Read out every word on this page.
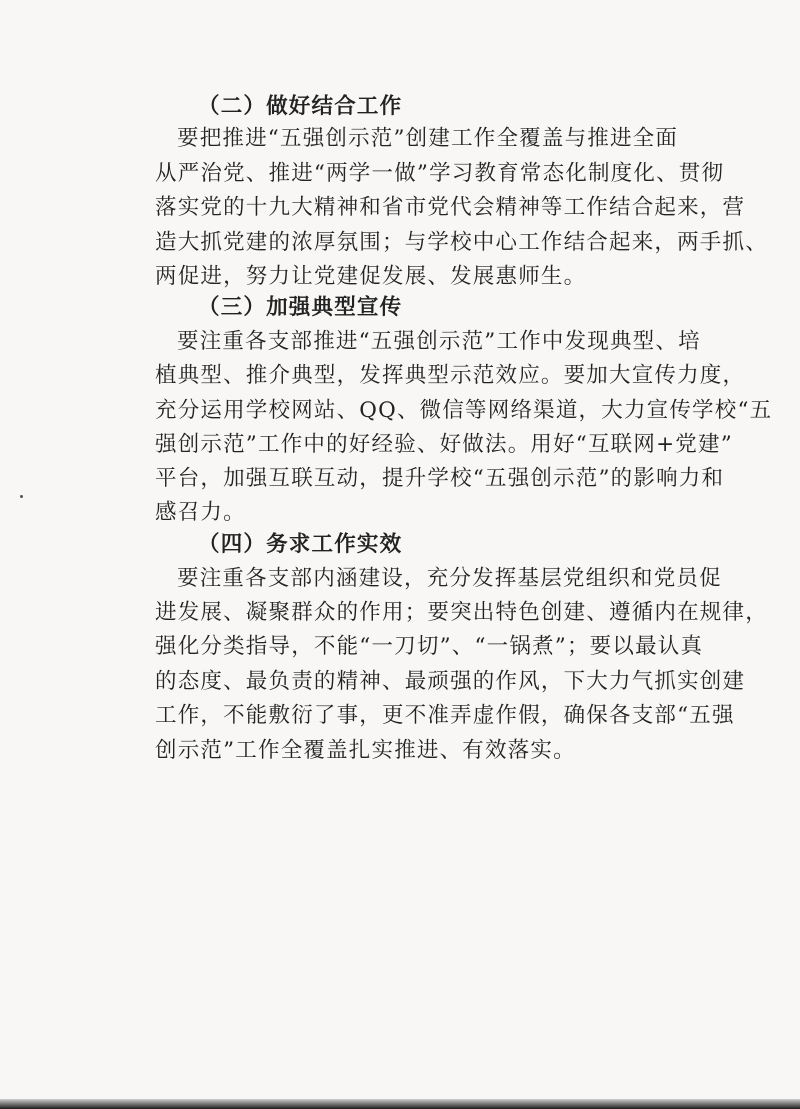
（二）做好结合工作
要把推进“五强创示范”创建工作全覆盖与推进全面
从严治党、推进“两学一做”学习教育常态化制度化、贯彻
落实党的十九大精神和省市党代会精神等工作结合起来，营
造大抓党建的浓厚氛围；与学校中心工作结合起来，两手抓、
两促进，努力让党建促发展、发展惠师生。
（三）加强典型宣传
要注重各支部推进“五强创示范”工作中发现典型、培
植典型、推介典型，发挥典型示范效应。要加大宣传力度，
充分运用学校网站、QQ、微信等网络渠道，大力宣传学校“五
强创示范”工作中的好经验、好做法。用好“互联网+党建”
平台，加强互联互动，提升学校“五强创示范”的影响力和
感召力。
（四）务求工作实效
要注重各支部内涵建设，充分发挥基层党组织和党员促
进发展、凝聚群众的作用；要突出特色创建、遵循内在规律，
强化分类指导，不能“一刀切”、“一锅煮”；要以最认真
的态度、最负责的精神、最顽强的作风，下大力气抓实创建
工作，不能敷衍了事，更不准弄虚作假，确保各支部“五强
创示范”工作全覆盖扎实推进、有效落实。
